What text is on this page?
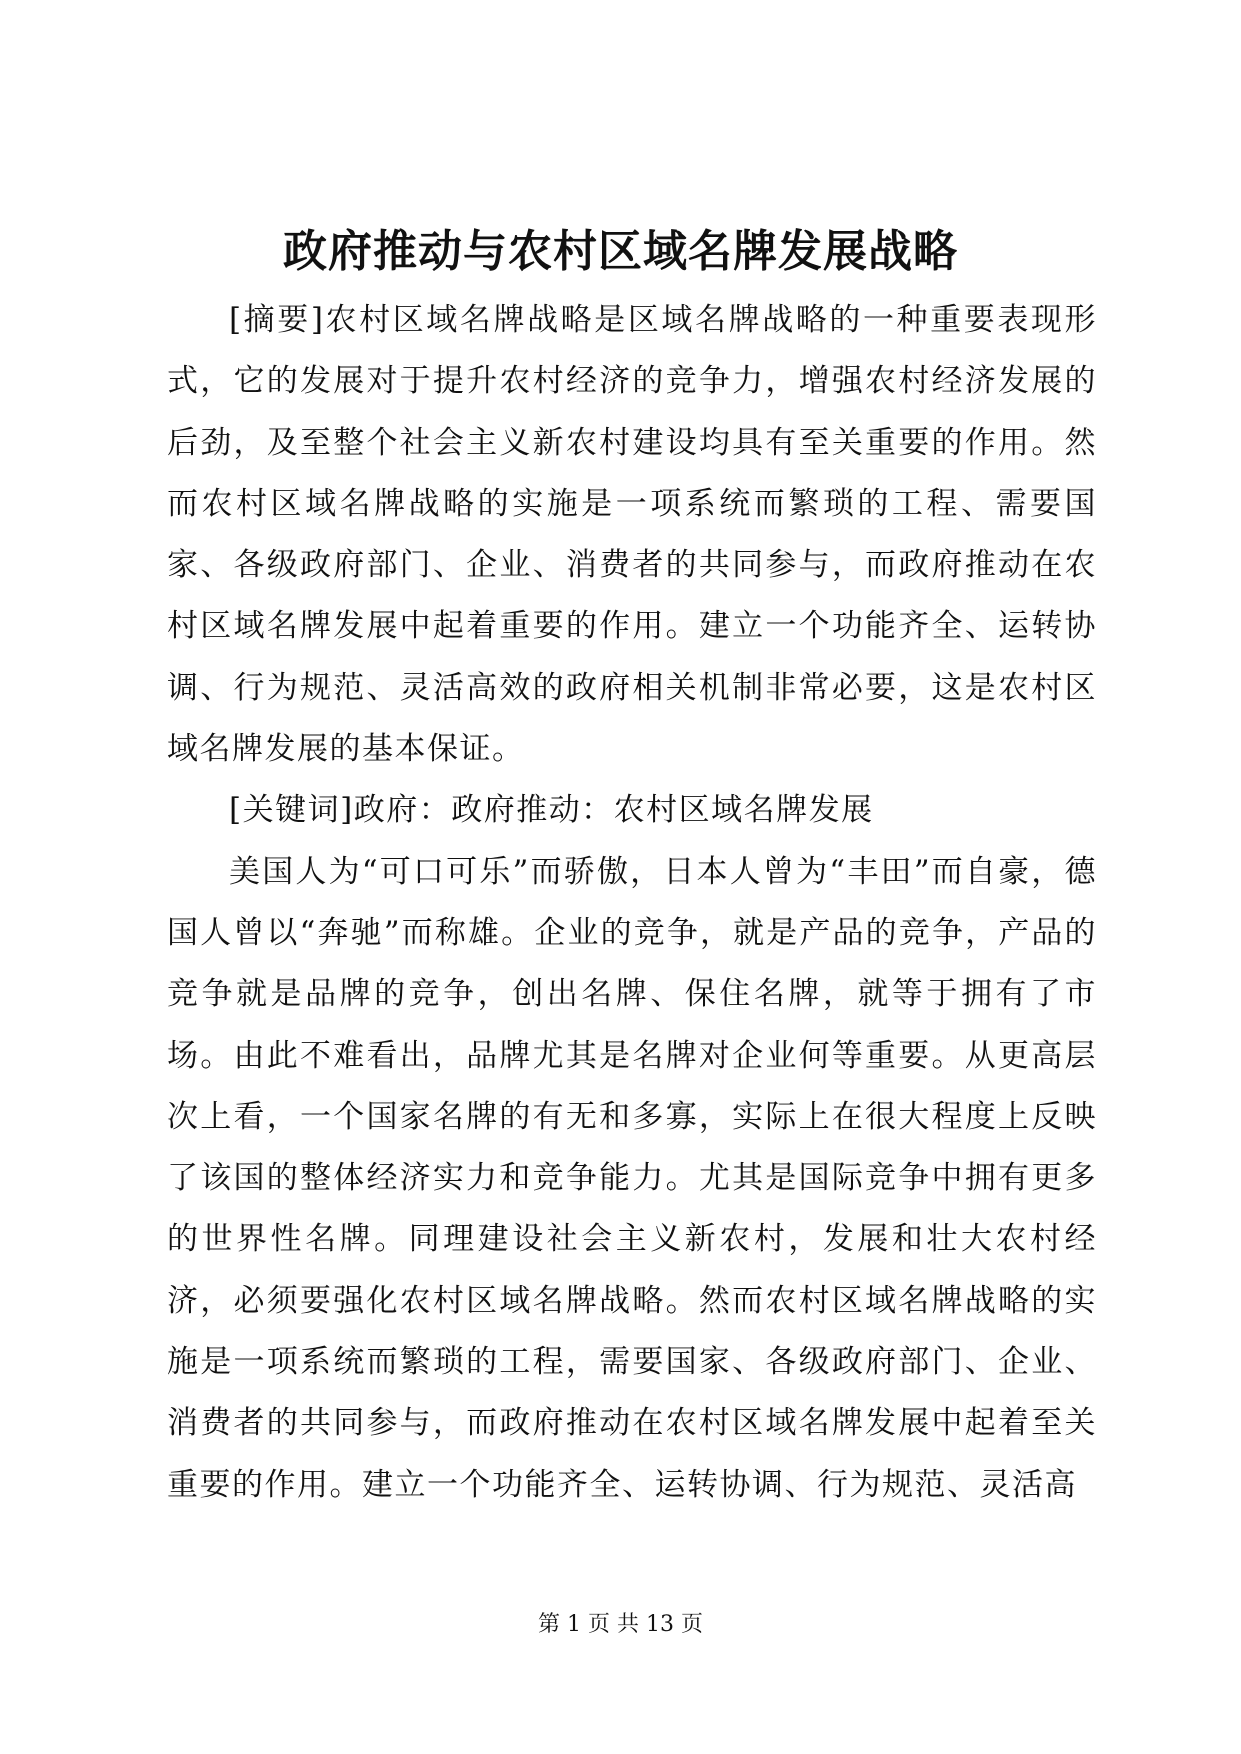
政府推动与农村区域名牌发展战略

[摘要]农村区域名牌战略是区域名牌战略的一种重要表现形式，它的发展对于提升农村经济的竞争力，增强农村经济发展的后劲，及至整个社会主义新农村建设均具有至关重要的作用。然而农村区域名牌战略的实施是一项系统而繁琐的工程、需要国家、各级政府部门、企业、消费者的共同参与，而政府推动在农村区域名牌发展中起着重要的作用。建立一个功能齐全、运转协调、行为规范、灵活高效的政府相关机制非常必要，这是农村区域名牌发展的基本保证。

[关键词]政府：政府推动：农村区域名牌发展

美国人为“可口可乐”而骄傲，日本人曾为“丰田”而自豪，德国人曾以“奔驰”而称雄。企业的竞争，就是产品的竞争，产品的竞争就是品牌的竞争，创出名牌、保住名牌，就等于拥有了市场。由此不难看出，品牌尤其是名牌对企业何等重要。从更高层次上看，一个国家名牌的有无和多寡，实际上在很大程度上反映了该国的整体经济实力和竞争能力。尤其是国际竞争中拥有更多的世界性名牌。同理建设社会主义新农村，发展和壮大农村经济，必须要强化农村区域名牌战略。然而农村区域名牌战略的实施是一项系统而繁琐的工程，需要国家、各级政府部门、企业、消费者的共同参与，而政府推动在农村区域名牌发展中起着至关重要的作用。建立一个功能齐全、运转协调、行为规范、灵活高

第 1 页 共 13 页
